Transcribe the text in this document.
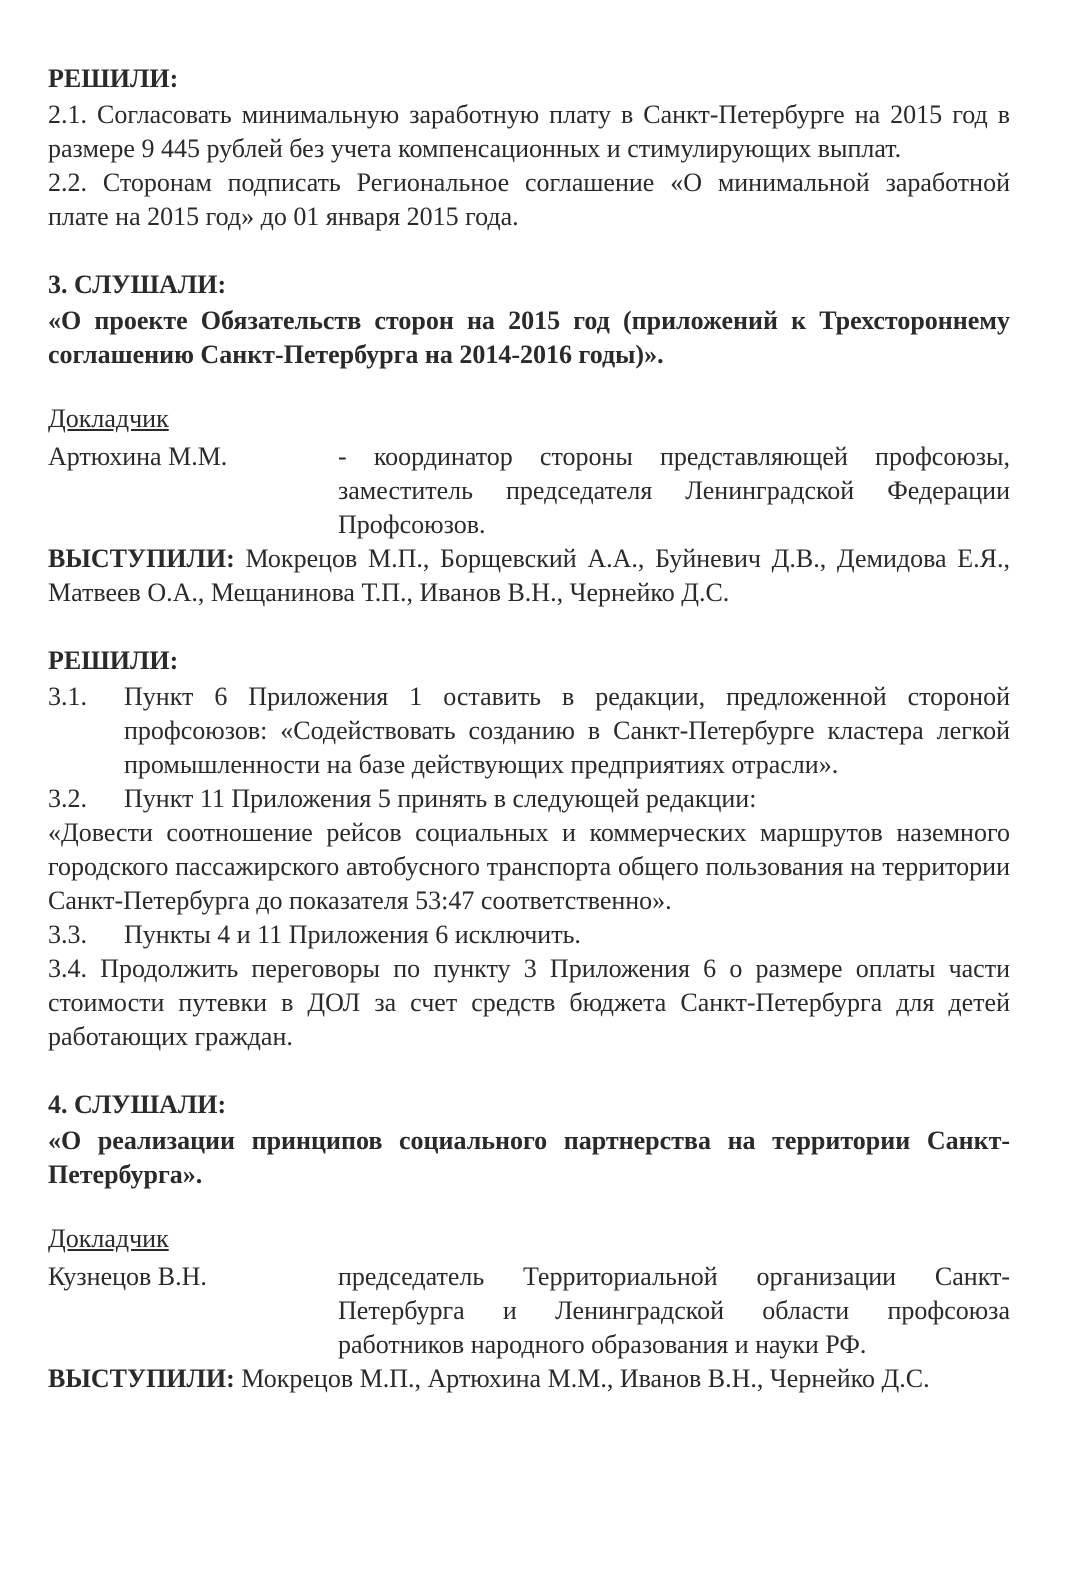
РЕШИЛИ:

2.1. Согласовать минимальную заработную плату в Санкт-Петербурге на 2015 год в размере 9 445 рублей без учета компенсационных и стимулирующих выплат.

2.2. Сторонам подписать Региональное соглашение «О минимальной заработной плате на 2015 год» до 01 января 2015 года.

3. СЛУШАЛИ:

«О проекте Обязательств сторон на 2015 год (приложений к Трехстороннему соглашению Санкт-Петербурга на 2014-2016 годы)».

Докладчик

Артюхина М.М.	- координатор стороны представляющей профсоюзы, заместитель председателя Ленинградской Федерации Профсоюзов.

ВЫСТУПИЛИ: Мокрецов М.П., Борщевский А.А., Буйневич Д.В., Демидова Е.Я., Матвеев О.А., Мещанинова Т.П., Иванов В.Н., Чернейко Д.С.

РЕШИЛИ:

3.1.	Пункт 6 Приложения 1 оставить в редакции, предложенной стороной профсоюзов: «Содействовать созданию в Санкт-Петербурге кластера легкой промышленности на базе действующих предприятиях отрасли».
3.2.	Пункт 11 Приложения 5 принять в следующей редакции:

«Довести соотношение рейсов социальных и коммерческих маршрутов наземного городского пассажирского автобусного транспорта общего пользования на территории Санкт-Петербурга до показателя 53:47 соответственно».

3.3.	Пункты 4 и 11 Приложения 6 исключить.

3.4. Продолжить переговоры по пункту 3 Приложения 6 о размере оплаты части стоимости путевки в ДОЛ за счет средств бюджета Санкт-Петербурга для детей работающих граждан.

4. СЛУШАЛИ:

«О реализации принципов социального партнерства на территории Санкт-Петербурга».

Докладчик

Кузнецов В.Н.	председатель Территориальной организации Санкт-Петербурга и Ленинградской области профсоюза работников народного образования и науки РФ.

ВЫСТУПИЛИ: Мокрецов М.П., Артюхина М.М., Иванов В.Н., Чернейко Д.С.
